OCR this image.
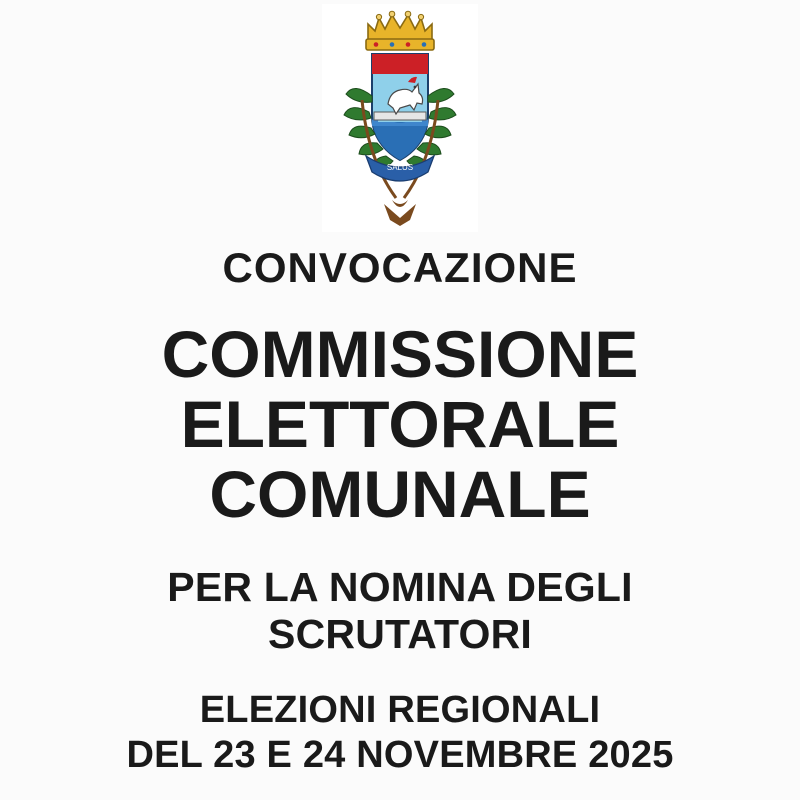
SALUS
CONVOCAZIONE
COMMISSIONE
ELETTORALE
COMUNALE
PER LA NOMINA DEGLI
SCRUTATORI
ELEZIONI REGIONALI
DEL 23 E 24 NOVEMBRE 2025
